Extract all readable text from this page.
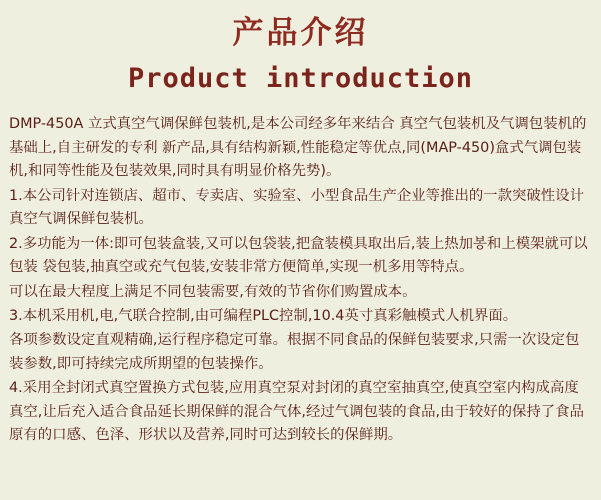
产品介绍
Product introduction

DMP-450A 立式真空气调保鲜包装机,是本公司经多年来结合 真空气包装机及气调包装机的基础上,自主研发的专利 新产品,具有结构新颖,性能稳定等优点,同(MAP-450)盒式气调包装机,和同等性能及包装效果,同时具有明显价格先势)。

1.本公司针对连锁店、超市、专卖店、实验室、小型食品生产企业等推出的一款突破性设计真空气调保鲜包装机。

2.多功能为一体:即可包装盒装,又可以包袋装,把盒装模具取出后,装上热加봉和上模架就可以包装 袋包装,抽真空或充气包装,安装非常方便简单,实现一机多用等特点。

可以在最大程度上满足不同包装需要,有效的节省你们购置成本。

3.本机采用机,电,气联合控制,由可编程PLC控制,10.4英寸真彩触模式人机界面。

各项参数设定直观精确,运行程序稳定可靠。根据不同食品的保鲜包装要求,只需一次设定包装参数,即可持续完成所期望的包装操作。

4.采用全封闭式真空置换方式包装,应用真空泵对封闭的真空室抽真空,使真空室内构成高度真空,让后充入适合食品延长期保鲜的混合气体,经过气调包装的食品,由于较好的保持了食品原有的口感、色泽、形状以及营养,同时可达到较长的保鲜期。
